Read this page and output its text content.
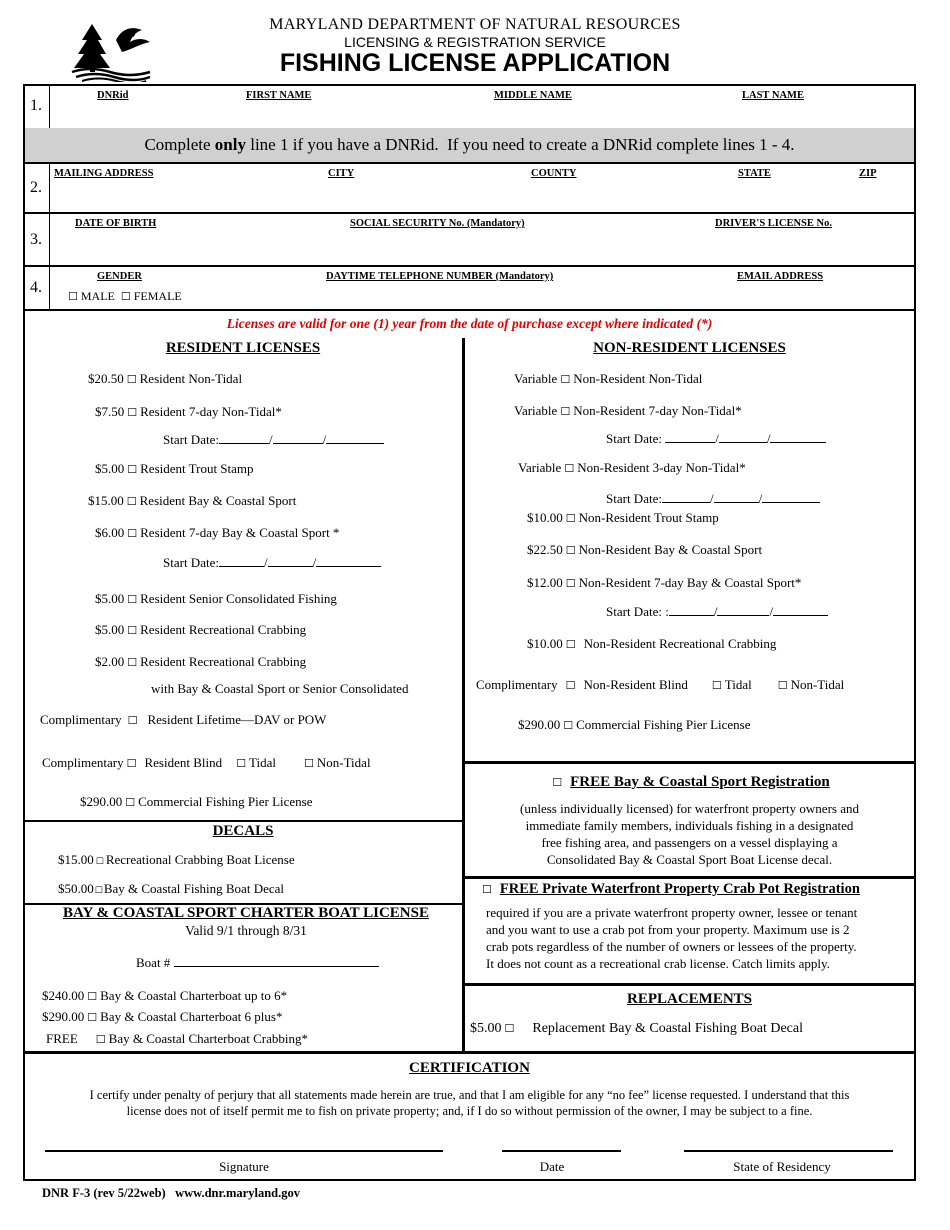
MARYLAND DEPARTMENT OF NATURAL RESOURCES
LICENSING & REGISTRATION SERVICE
FISHING LICENSE APPLICATION
1.
DNRid	FIRST NAME	MIDDLE NAME	LAST NAME
Complete only line 1 if you have a DNRid.  If you need to create a DNRid complete lines 1 - 4.
2.
MAILING ADDRESS	CITY	COUNTY	STATE	ZIP
3.
DATE OF BIRTH	SOCIAL SECURITY No. (Mandatory)	DRIVER'S LICENSE No.
4.
GENDER
☐ MALE ☐ FEMALE
DAYTIME TELEPHONE NUMBER (Mandatory)	EMAIL ADDRESS
Licenses are valid for one (1) year from the date of purchase except where indicated (*)
RESIDENT LICENSES
$20.50 ☐ Resident Non-Tidal
$7.50 ☐ Resident 7-day Non-Tidal*
Start Date:	/	/
$5.00 ☐ Resident Trout Stamp
$15.00 ☐ Resident Bay & Coastal Sport
$6.00 ☐ Resident 7-day Bay & Coastal Sport *
Start Date:	/	/
$5.00 ☐ Resident Senior Consolidated Fishing
$5.00 ☐ Resident Recreational Crabbing
$2.00 ☐ Resident Recreational Crabbing
with Bay & Coastal Sport or Senior Consolidated
Complimentary ☐ Resident Lifetime—DAV or POW
Complimentary ☐ Resident Blind ☐ Tidal	☐ Non-Tidal
$290.00 ☐ Commercial Fishing Pier License
DECALS
$15.00 ☐ Recreational Crabbing Boat License
$50.00☐Bay & Coastal Fishing Boat Decal
BAY & COASTAL SPORT CHARTER BOAT LICENSE
Valid 9/1 through 8/31
Boat #
$240.00 ☐ Bay & Coastal Charterboat up to 6*
$290.00 ☐ Bay & Coastal Charterboat 6 plus*
FREE ☐ Bay & Coastal Charterboat Crabbing*
NON-RESIDENT LICENSES
Variable ☐ Non-Resident Non-Tidal
Variable ☐ Non-Resident 7-day Non-Tidal*
Start Date:	/	/
Variable ☐ Non-Resident 3-day Non-Tidal*
Start Date:	/	/
$10.00 ☐ Non-Resident Trout Stamp
$22.50 ☐ Non-Resident Bay & Coastal Sport
$12.00 ☐ Non-Resident 7-day Bay & Coastal Sport*
Start Date: :	/	/
$10.00 ☐ Non-Resident Recreational Crabbing
Complimentary ☐ Non-Resident Blind ☐ Tidal ☐ Non-Tidal
$290.00 ☐ Commercial Fishing Pier License
☐ FREE Bay & Coastal Sport Registration
(unless individually licensed) for waterfront property owners and
immediate family members, individuals fishing in a designated
free fishing area, and passengers on a vessel displaying a
Consolidated Bay & Coastal Sport Boat License decal.
☐ FREE Private Waterfront Property Crab Pot Registration
required if you are a private waterfront property owner, lessee or tenant
and you want to use a crab pot from your property. Maximum use is 2
crab pots regardless of the number of owners or lessees of the property.
It does not count as a recreational crab license. Catch limits apply.
REPLACEMENTS
$5.00 ☐ Replacement Bay & Coastal Fishing Boat Decal
CERTIFICATION
I certify under penalty of perjury that all statements made herein are true, and that I am eligible for any “no fee” license requested. I understand that this
license does not of itself permit me to fish on private property; and, if I do so without permission of the owner, I may be subject to a fine.
Signature	Date	State of Residency
DNR F-3 (rev 5/22web) www.dnr.maryland.gov
